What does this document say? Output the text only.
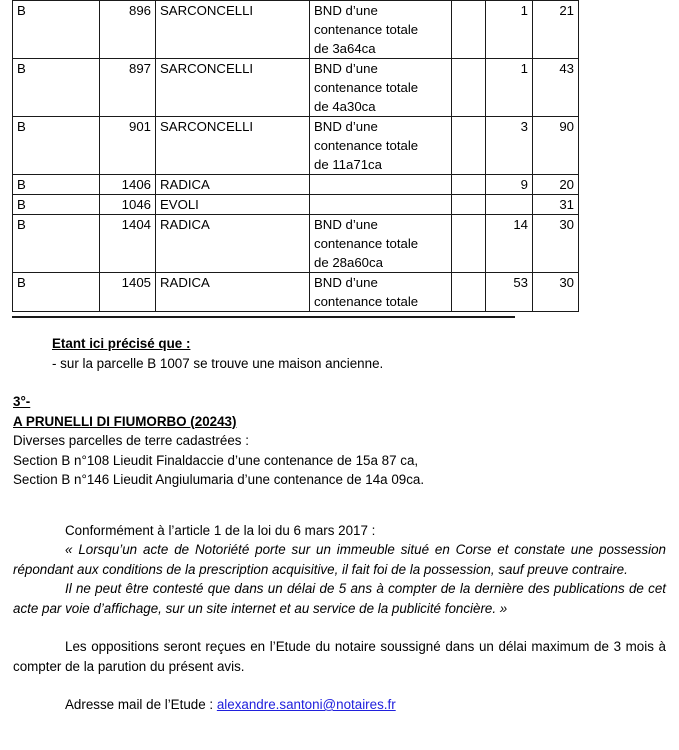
B	896	SARCONCELLI	BND d’une
contenance totale
de 3a64ca		1	21
B	897	SARCONCELLI	BND d’une
contenance totale
de 4a30ca		1	43
B	901	SARCONCELLI	BND d’une
contenance totale
de 11a71ca		3	90
B	1406	RADICA			9	20
B	1046	EVOLI				31
B	1404	RADICA	BND d’une
contenance totale
de 28a60ca		14	30
B	1405	RADICA	BND d’une
contenance totale		53	30
Etant ici précisé que :
- sur la parcelle B 1007 se trouve une maison ancienne.
3°-
A PRUNELLI DI FIUMORBO (20243)
Diverses parcelles de terre cadastrées :
Section B n°108 Lieudit Finaldaccie d’une contenance de 15a 87 ca,
Section B n°146 Lieudit Angiulumaria d’une contenance de 14a 09ca.
Conformément à l’article 1 de la loi du 6 mars 2017 :

« Lorsqu’un acte de Notoriété porte sur un immeuble situé en Corse et constate une possession répondant aux conditions de la prescription acquisitive, il fait foi de la possession, sauf preuve contraire.

Il ne peut être contesté que dans un délai de 5 ans à compter de la dernière des publications de cet acte par voie d’affichage, sur un site internet et au service de la publicité foncière. »

Les oppositions seront reçues en l’Etude du notaire soussigné dans un délai maximum de 3 mois à compter de la parution du présent avis.

Adresse mail de l’Etude : alexandre.santoni@notaires.fr
